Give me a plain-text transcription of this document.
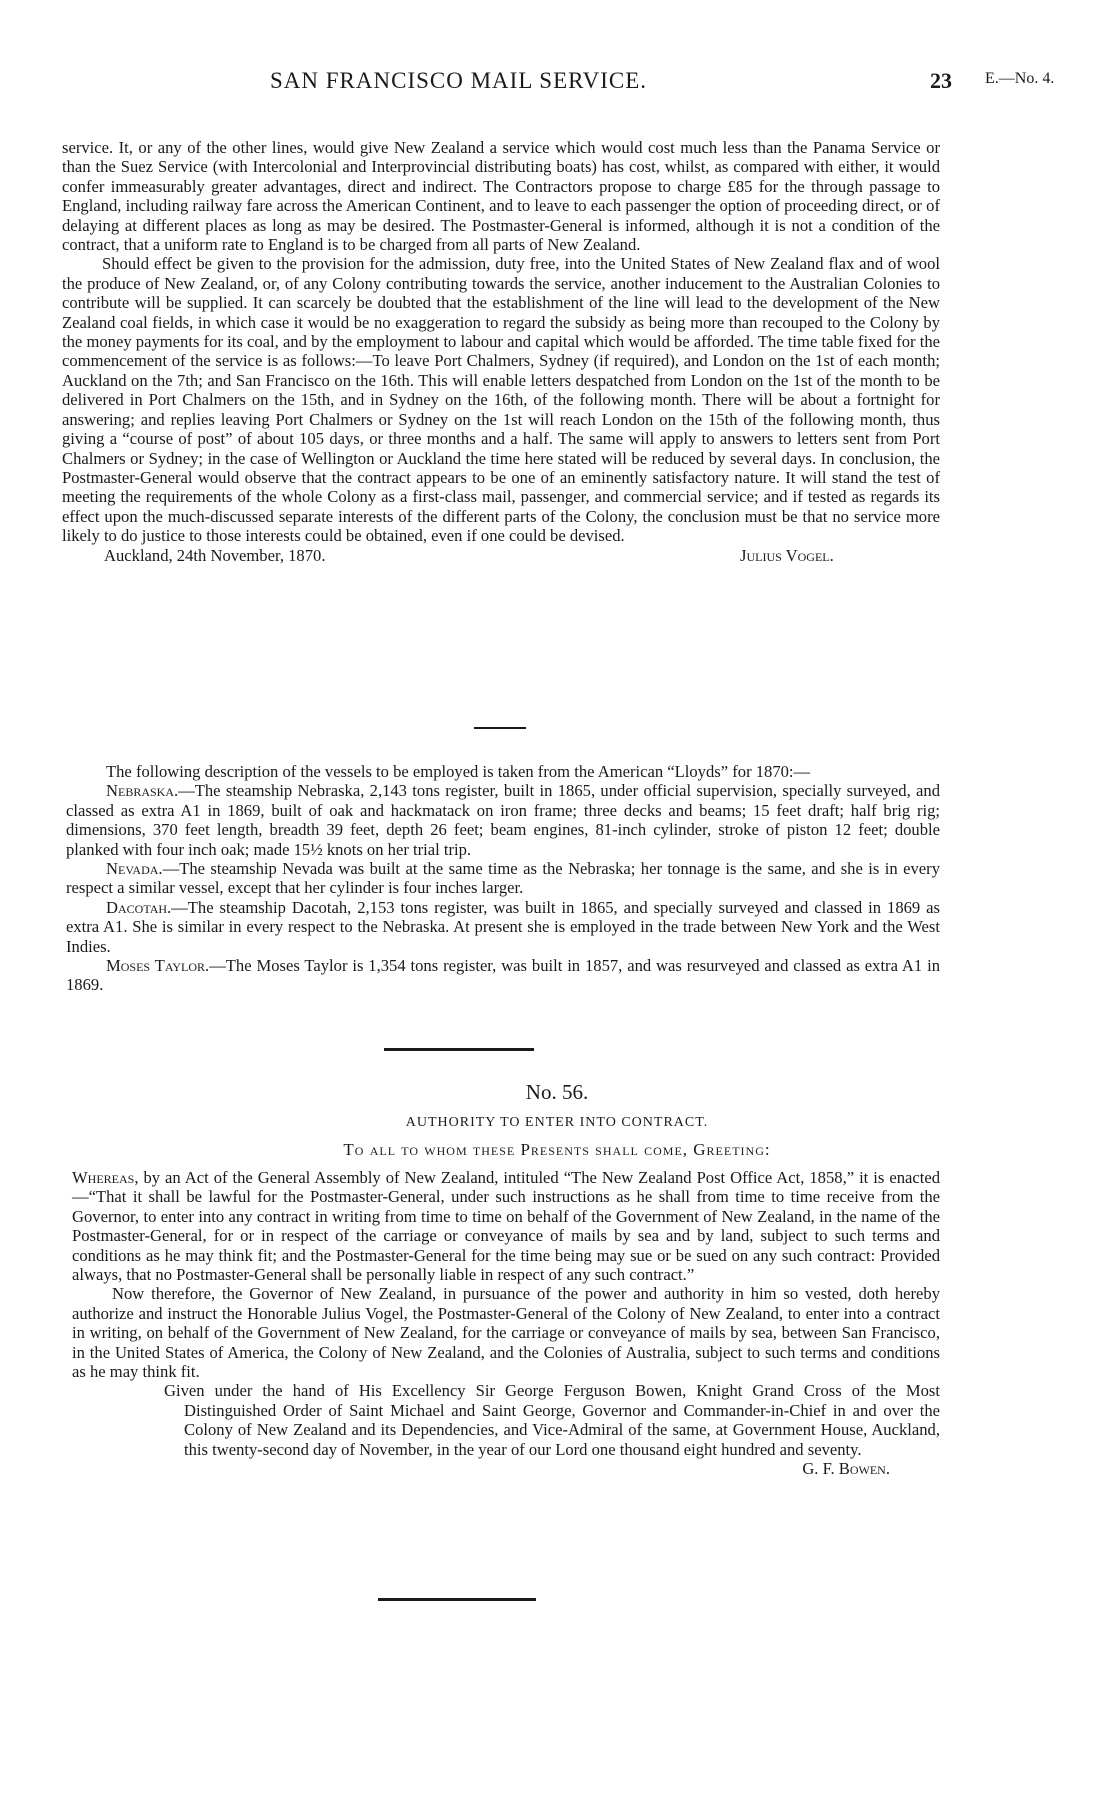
SAN FRANCISCO MAIL SERVICE.	23 E.—No. 4.

service. It, or any of the other lines, would give New Zealand a service which would cost much less than the Panama Service or than the Suez Service (with Intercolonial and Interprovincial distributing boats) has cost, whilst, as compared with either, it would confer immeasurably greater advantages, direct and indirect. The Contractors propose to charge £85 for the through passage to England, including railway fare across the American Continent, and to leave to each passenger the option of proceeding direct, or of delaying at different places as long as may be desired. The Postmaster-General is informed, although it is not a condition of the contract, that a uniform rate to England is to be charged from all parts of New Zealand.

Should effect be given to the provision for the admission, duty free, into the United States of New Zealand flax and of wool the produce of New Zealand, or, of any Colony contributing towards the service, another inducement to the Australian Colonies to contribute will be supplied. It can scarcely be doubted that the establishment of the line will lead to the development of the New Zealand coal fields, in which case it would be no exaggeration to regard the subsidy as being more than recouped to the Colony by the money payments for its coal, and by the employment to labour and capital which would be afforded. The time table fixed for the commencement of the service is as follows:—To leave Port Chalmers, Sydney (if required), and London on the 1st of each month; Auckland on the 7th; and San Francisco on the 16th. This will enable letters despatched from London on the 1st of the month to be delivered in Port Chalmers on the 15th, and in Sydney on the 16th, of the following month. There will be about a fortnight for answering; and replies leaving Port Chalmers or Sydney on the 1st will reach London on the 15th of the following month, thus giving a “course of post” of about 105 days, or three months and a half. The same will apply to answers to letters sent from Port Chalmers or Sydney; in the case of Wellington or Auckland the time here stated will be reduced by several days. In conclusion, the Postmaster-General would observe that the contract appears to be one of an eminently satisfactory nature. It will stand the test of meeting the requirements of the whole Colony as a first-class mail, passenger, and commercial service; and if tested as regards its effect upon the much-discussed separate interests of the different parts of the Colony, the conclusion must be that no service more likely to do justice to those interests could be obtained, even if one could be devised.

Auckland, 24th November, 1870.	Julius Vogel.

The following description of the vessels to be employed is taken from the American “Lloyds” for 1870:—

Nebraska.—The steamship Nebraska, 2,143 tons register, built in 1865, under official supervision, specially surveyed, and classed as extra A1 in 1869, built of oak and hackmatack on iron frame; three decks and beams; 15 feet draft; half brig rig; dimensions, 370 feet length, breadth 39 feet, depth 26 feet; beam engines, 81-inch cylinder, stroke of piston 12 feet; double planked with four inch oak; made 15½ knots on her trial trip.

Nevada.—The steamship Nevada was built at the same time as the Nebraska; her tonnage is the same, and she is in every respect a similar vessel, except that her cylinder is four inches larger.

Dacotah.—The steamship Dacotah, 2,153 tons register, was built in 1865, and specially surveyed and classed in 1869 as extra A1. She is similar in every respect to the Nebraska. At present she is employed in the trade between New York and the West Indies.

Moses Taylor.—The Moses Taylor is 1,354 tons register, was built in 1857, and was resurveyed and classed as extra A1 in 1869.

No. 56.
AUTHORITY TO ENTER INTO CONTRACT.
To all to whom these Presents shall come, Greeting:

Whereas, by an Act of the General Assembly of New Zealand, intituled “The New Zealand Post Office Act, 1858,” it is enacted—“That it shall be lawful for the Postmaster-General, under such instructions as he shall from time to time receive from the Governor, to enter into any contract in writing from time to time on behalf of the Government of New Zealand, in the name of the Postmaster-General, for or in respect of the carriage or conveyance of mails by sea and by land, subject to such terms and conditions as he may think fit; and the Postmaster-General for the time being may sue or be sued on any such contract: Provided always, that no Postmaster-General shall be personally liable in respect of any such contract.”

Now therefore, the Governor of New Zealand, in pursuance of the power and authority in him so vested, doth hereby authorize and instruct the Honorable Julius Vogel, the Postmaster-General of the Colony of New Zealand, to enter into a contract in writing, on behalf of the Government of New Zealand, for the carriage or conveyance of mails by sea, between San Francisco, in the United States of America, the Colony of New Zealand, and the Colonies of Australia, subject to such terms and conditions as he may think fit.

Given under the hand of His Excellency Sir George Ferguson Bowen, Knight Grand Cross of the Most Distinguished Order of Saint Michael and Saint George, Governor and Commander-in-Chief in and over the Colony of New Zealand and its Dependencies, and Vice-Admiral of the same, at Government House, Auckland, this twenty-second day of November, in the year of our Lord one thousand eight hundred and seventy.

G. F. Bowen.
